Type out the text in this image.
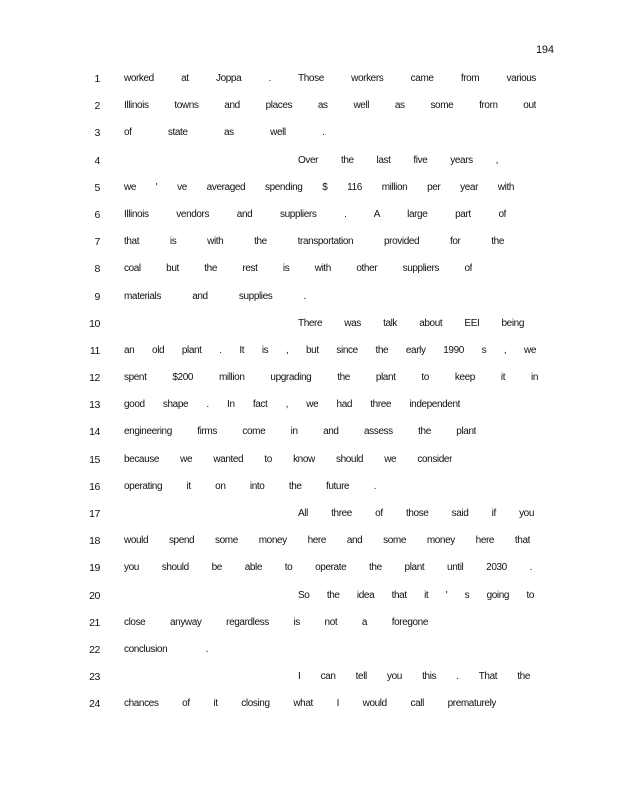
194
1 worked at Joppa . Those workers came from various
2 Illinois towns and places as well as some from out
3 of state as well .
4	Over the last five years ,
5 we ' ve averaged spending $ 116 million per year with
6 Illinois vendors and suppliers . A large part of
7 that is with the transportation provided for the
8 coal but the rest is with other suppliers of
9 materials and supplies .
10	There was talk about EEI being
11 an old plant . It is , but since the early 1990 s , we
12 spent $200 million upgrading the plant to keep it in
13 good shape . In fact , we had three independent
14 engineering firms come in and assess the plant
15 because we wanted to know should we consider
16 operating it on into the future .
17	All three of those said if you
18 would spend some money here and some money here that
19 you should be able to operate the plant until 2030 .
20	So the idea that it ' s going to
21 close anyway regardless is not a foregone
22 conclusion .
23	I can tell you this . That the
24 chances of it closing what I would call prematurely
